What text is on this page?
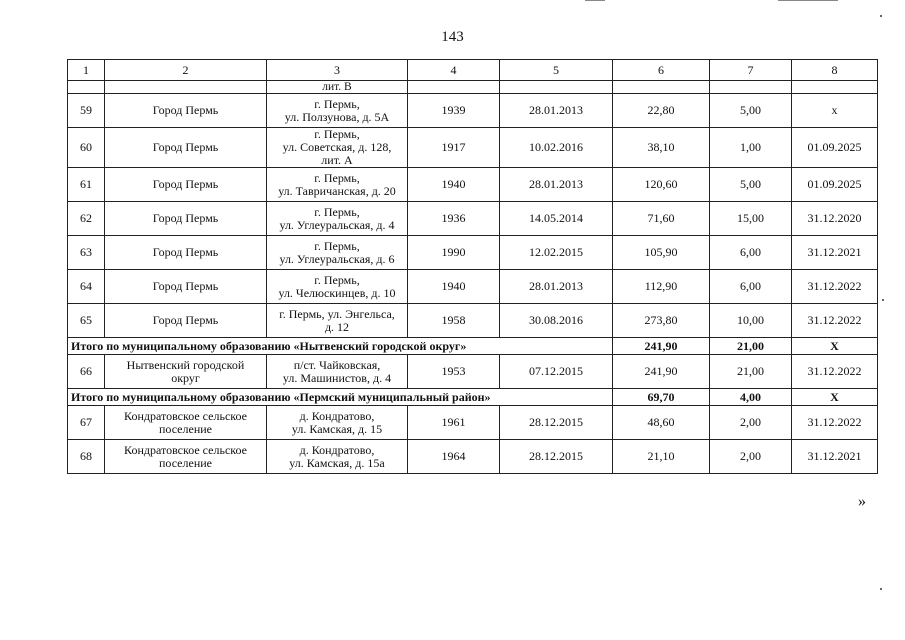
143
1	2	3	4	5	6	7	8
		лит. В					
59	Город Пермь	г. Пермь,
ул. Ползунова, д. 5А	1939	28.01.2013	22,80	5,00	х
60	Город Пермь	г. Пермь,
ул. Советская, д. 128,
лит. А	1917	10.02.2016	38,10	1,00	01.09.2025
61	Город Пермь	г. Пермь,
ул. Тавричанская, д. 20	1940	28.01.2013	120,60	5,00	01.09.2025
62	Город Пермь	г. Пермь,
ул. Углеуральская, д. 4	1936	14.05.2014	71,60	15,00	31.12.2020
63	Город Пермь	г. Пермь,
ул. Углеуральская, д. 6	1990	12.02.2015	105,90	6,00	31.12.2021
64	Город Пермь	г. Пермь,
ул. Челюскинцев, д. 10	1940	28.01.2013	112,90	6,00	31.12.2022
65	Город Пермь	г. Пермь, ул. Энгельса,
д. 12	1958	30.08.2016	273,80	10,00	31.12.2022
Итого по муниципальному образованию «Нытвенский городской округ»					241,90	21,00	Х
66	Нытвенский городской
округ	п/ст. Чайковская,
ул. Машинистов, д. 4	1953	07.12.2015	241,90	21,00	31.12.2022
Итого по муниципальному образованию «Пермский муниципальный район»					69,70	4,00	Х
67	Кондратовское сельское
поселение	д. Кондратово,
ул. Камская, д. 15	1961	28.12.2015	48,60	2,00	31.12.2022
68	Кондратовское сельское
поселение	д. Кондратово,
ул. Камская, д. 15а	1964	28.12.2015	21,10	2,00	31.12.2021
»
